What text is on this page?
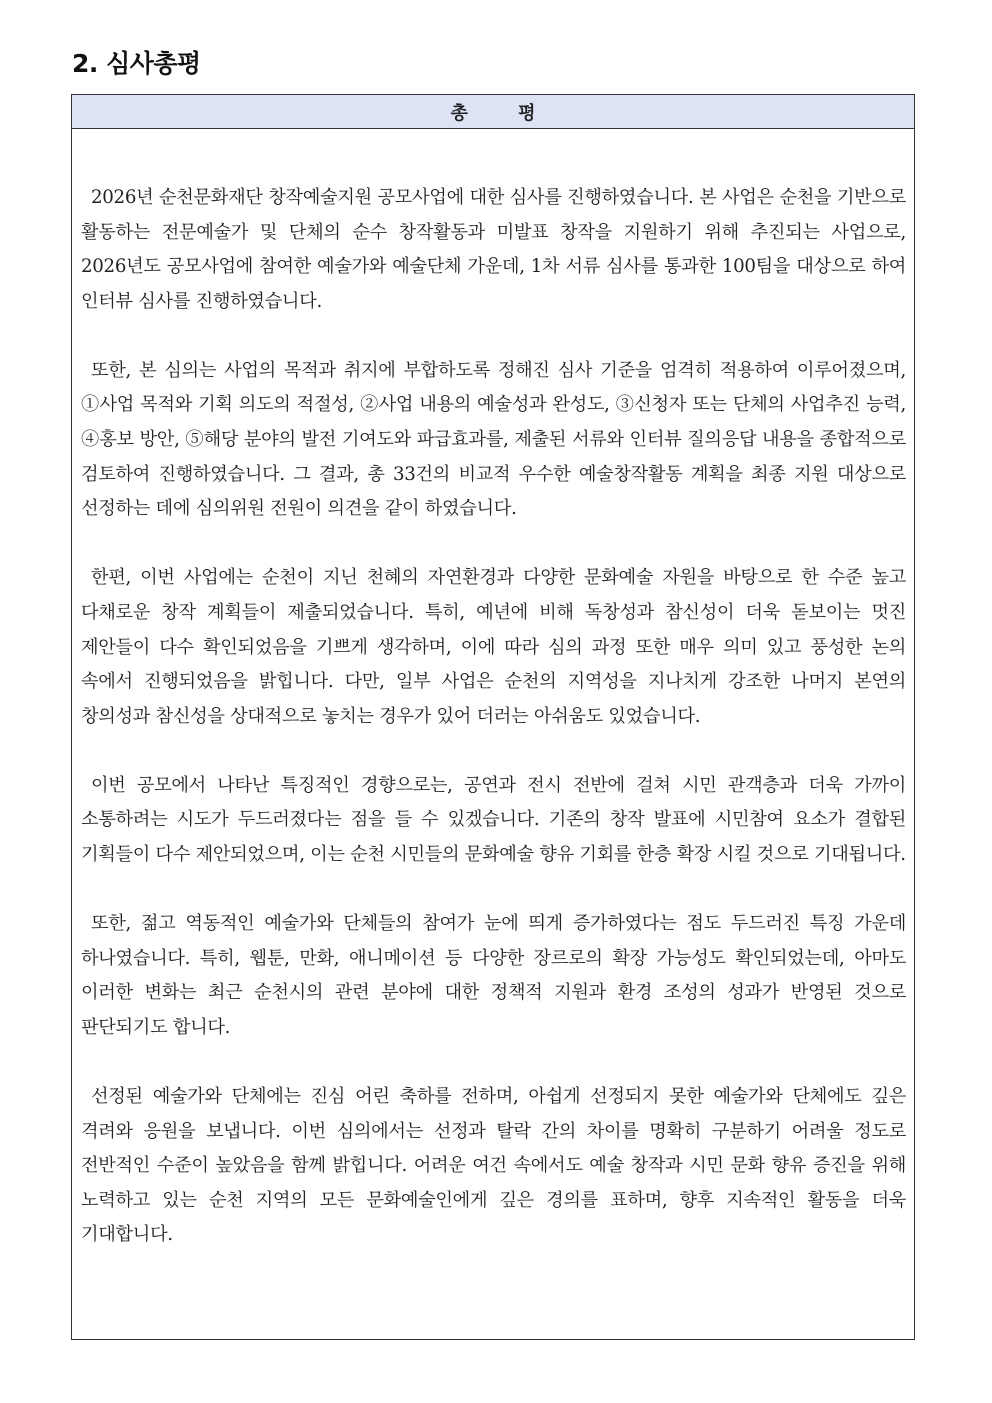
2. 심사총평
총 평

2026년 순천문화재단 창작예술지원 공모사업에 대한 심사를 진행하였습니다. 본 사업은 순천을 기반으로 활동하는 전문예술가 및 단체의 순수 창작활동과 미발표 창작을 지원하기 위해 추진되는 사업으로, 2026년도 공모사업에 참여한 예술가와 예술단체 가운데, 1차 서류 심사를 통과한 100팀을 대상으로 하여 인터뷰 심사를 진행하였습니다.

또한, 본 심의는 사업의 목적과 취지에 부합하도록 정해진 심사 기준을 엄격히 적용하여 이루어졌으며, ①사업 목적와 기획 의도의 적절성, ②사업 내용의 예술성과 완성도, ③신청자 또는 단체의 사업추진 능력, ④홍보 방안, ⑤해당 분야의 발전 기여도와 파급효과를, 제출된 서류와 인터뷰 질의응답 내용을 종합적으로 검토하여 진행하였습니다. 그 결과, 총 33건의 비교적 우수한 예술창작활동 계획을 최종 지원 대상으로 선정하는 데에 심의위원 전원이 의견을 같이 하였습니다.

한편, 이번 사업에는 순천이 지닌 천혜의 자연환경과 다양한 문화예술 자원을 바탕으로 한 수준 높고 다채로운 창작 계획들이 제출되었습니다. 특히, 예년에 비해 독창성과 참신성이 더욱 돋보이는 멋진 제안들이 다수 확인되었음을 기쁘게 생각하며, 이에 따라 심의 과정 또한 매우 의미 있고 풍성한 논의 속에서 진행되었음을 밝힙니다. 다만, 일부 사업은 순천의 지역성을 지나치게 강조한 나머지 본연의 창의성과 참신성을 상대적으로 놓치는 경우가 있어 더러는 아쉬움도 있었습니다.

이번 공모에서 나타난 특징적인 경향으로는, 공연과 전시 전반에 걸쳐 시민 관객층과 더욱 가까이 소통하려는 시도가 두드러졌다는 점을 들 수 있겠습니다. 기존의 창작 발표에 시민참여 요소가 결합된 기획들이 다수 제안되었으며, 이는 순천 시민들의 문화예술 향유 기회를 한층 확장 시킬 것으로 기대됩니다.

또한, 젊고 역동적인 예술가와 단체들의 참여가 눈에 띄게 증가하였다는 점도 두드러진 특징 가운데 하나였습니다. 특히, 웹툰, 만화, 애니메이션 등 다양한 장르로의 확장 가능성도 확인되었는데, 아마도 이러한 변화는 최근 순천시의 관련 분야에 대한 정책적 지원과 환경 조성의 성과가 반영된 것으로 판단되기도 합니다.

선정된 예술가와 단체에는 진심 어린 축하를 전하며, 아쉽게 선정되지 못한 예술가와 단체에도 깊은 격려와 응원을 보냅니다. 이번 심의에서는 선정과 탈락 간의 차이를 명확히 구분하기 어려울 정도로 전반적인 수준이 높았음을 함께 밝힙니다. 어려운 여건 속에서도 예술 창작과 시민 문화 향유 증진을 위해 노력하고 있는 순천 지역의 모든 문화예술인에게 깊은 경의를 표하며, 향후 지속적인 활동을 더욱 기대합니다.
